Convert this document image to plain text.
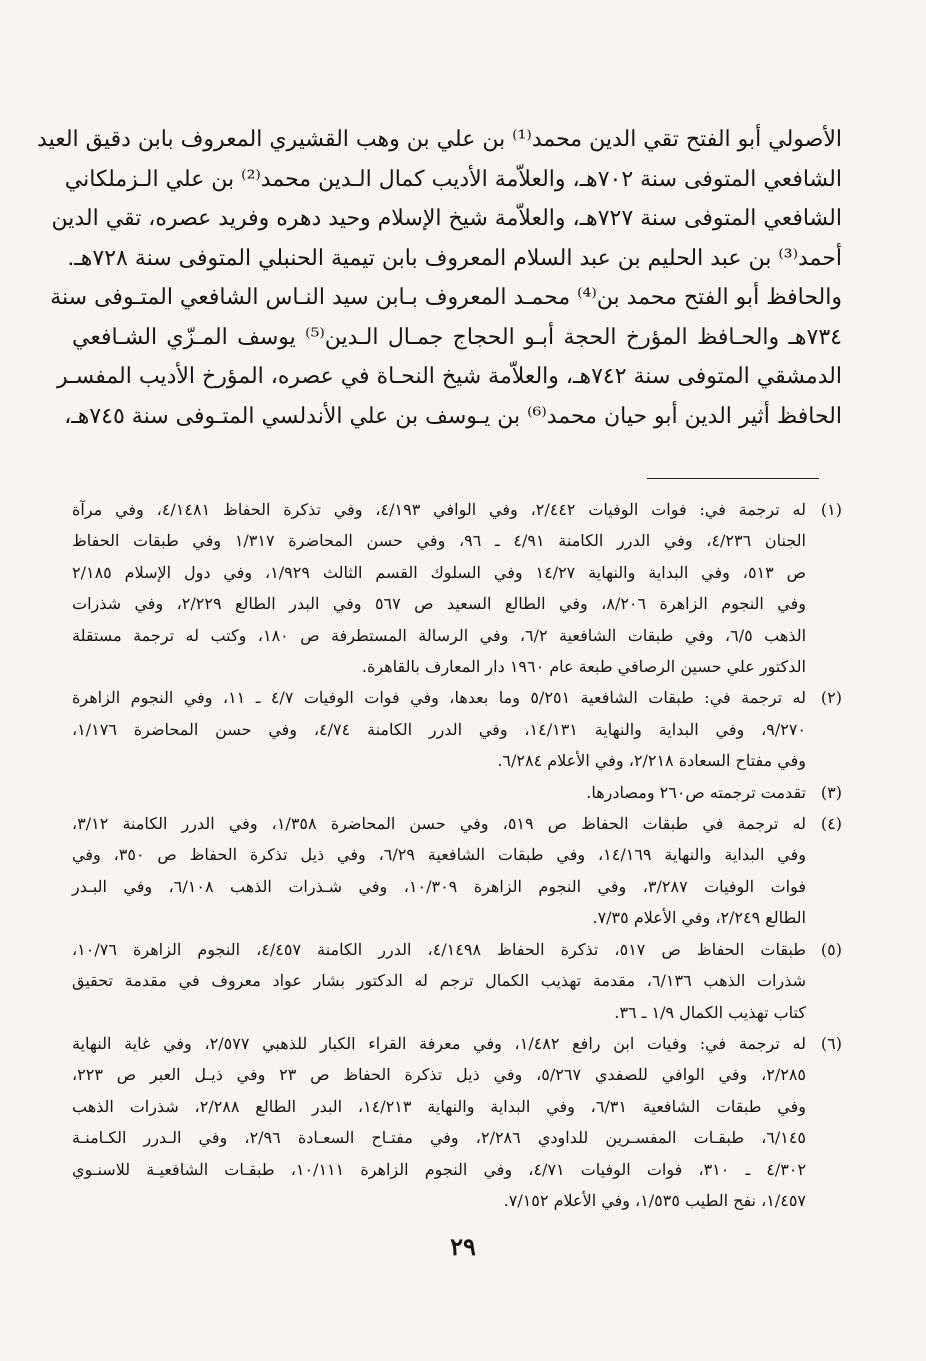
الأصولي أبو الفتح تقي الدين محمد⁽¹⁾ بن علي بن وهب القشيري المعروف بابن دقيق العيد
الشافعي المتوفى سنة ٧٠٢هـ، والعلاّمة الأديب كمال الـدين محمد⁽²⁾ بن علي الـزملكاني
الشافعي المتوفى سنة ٧٢٧هـ، والعلاّمة شيخ الإسلام وحيد دهره وفريد عصره، تقي الدين
أحمد⁽³⁾ بن عبد الحليم بن عبد السلام المعروف بابن تيمية الحنبلي المتوفى سنة ٧٢٨هـ.
والحافظ أبو الفتح محمد بن⁽⁴⁾ محمـد المعروف بـابن سيد النـاس الشافعي المتـوفى سنة
٧٣٤هـ والحـافظ المؤرخ الحجة أبـو الحجاج جمـال الـدين⁽⁵⁾ يوسف المـزّي الشـافعي
الدمشقي المتوفى سنة ٧٤٢هـ، والعلاّمة شيخ النحـاة في عصره، المؤرخ الأديب المفسـر
الحافظ أثير الدين أبو حيان محمد⁽⁶⁾ بن يـوسف بن علي الأندلسي المتـوفى سنة ٧٤٥هـ،
(١)
له ترجمة في: فوات الوفيات ٢/٤٤٢، وفي الوافي ٤/١٩٣، وفي تذكرة الحفاظ ٤/١٤٨١، وفي مرآة
الجنان ٤/٢٣٦، وفي الدرر الكامنة ٤/٩١ ـ ٩٦، وفي حسن المحاضرة ١/٣١٧ وفي طبقات الحفاظ
ص ٥١٣، وفي البداية والنهاية ١٤/٢٧ وفي السلوك القسم الثالث ١/٩٢٩، وفي دول الإسلام ٢/١٨٥
وفي النجوم الزاهرة ٨/٢٠٦، وفي الطالع السعيد ص ٥٦٧ وفي البدر الطالع ٢/٢٢٩، وفي شذرات
الذهب ٦/٥، وفي طبقات الشافعية ٦/٢، وفي الرسالة المستطرفة ص ١٨٠، وكتب له ترجمة مستقلة
الدكتور علي حسين الرصافي طبعة عام ١٩٦٠ دار المعارف بالقاهرة.
(٢)
له ترجمة في: طبقات الشافعية ٥/٢٥١ وما بعدها، وفي فوات الوفيات ٤/٧ ـ ١١، وفي النجوم الزاهرة
٩/٢٧٠، وفي البداية والنهاية ١٤/١٣١، وفي الدرر الكامنة ٤/٧٤، وفي حسن المحاضرة ١/١٧٦،
وفي مفتاح السعادة ٢/٢١٨، وفي الأعلام ٦/٢٨٤.
(٣)
تقدمت ترجمته ص٢٦٠ ومصادرها.
(٤)
له ترجمة في طبقات الحفاظ ص ٥١٩، وفي حسن المحاضرة ١/٣٥٨، وفي الدرر الكامنة ٣/١٢،
وفي البداية والنهاية ١٤/١٦٩، وفي طبقات الشافعية ٦/٢٩، وفي ذيل تذكرة الحفاظ ص ٣٥٠، وفي
فوات الوفيات ٣/٢٨٧، وفي النجوم الزاهرة ١٠/٣٠٩، وفي شـذرات الذهب ٦/١٠٨، وفي البـدر
الطالع ٢/٢٤٩، وفي الأعلام ٧/٣٥.
(٥)
طبقات الحفاظ ص ٥١٧، تذكرة الحفاظ ٤/١٤٩٨، الدرر الكامنة ٤/٤٥٧، النجوم الزاهرة ١٠/٧٦،
شذرات الذهب ٦/١٣٦، مقدمة تهذيب الكمال ترجم له الدكتور بشار عواد معروف في مقدمة تحقيق
كتاب تهذيب الكمال ١/٩ ـ ٣٦.
(٦)
له ترجمة في: وفيات ابن رافع ١/٤٨٢، وفي معرفة القراء الكبار للذهبي ٢/٥٧٧، وفي غاية النهاية
٢/٢٨٥، وفي الوافي للصفدي ٥/٢٦٧، وفي ذيل تذكرة الحفاظ ص ٢٣ وفي ذيـل العبر ص ٢٢٣،
وفي طبقات الشافعية ٦/٣١، وفي البداية والنهاية ١٤/٢١٣، البدر الطالع ٢/٢٨٨، شذرات الذهب
٦/١٤٥، طبقـات المفسـرين للداودي ٢/٢٨٦، وفي مفتـاح السعـادة ٢/٩٦، وفي الـدرر الكـامنـة
٤/٣٠٢ ـ ٣١٠، فوات الوفيات ٤/٧١، وفي النجوم الزاهرة ١٠/١١١، طبقـات الشافعيـة للاسنـوي
١/٤٥٧، نفح الطيب ١/٥٣٥، وفي الأعلام ٧/١٥٢.
٢٩
